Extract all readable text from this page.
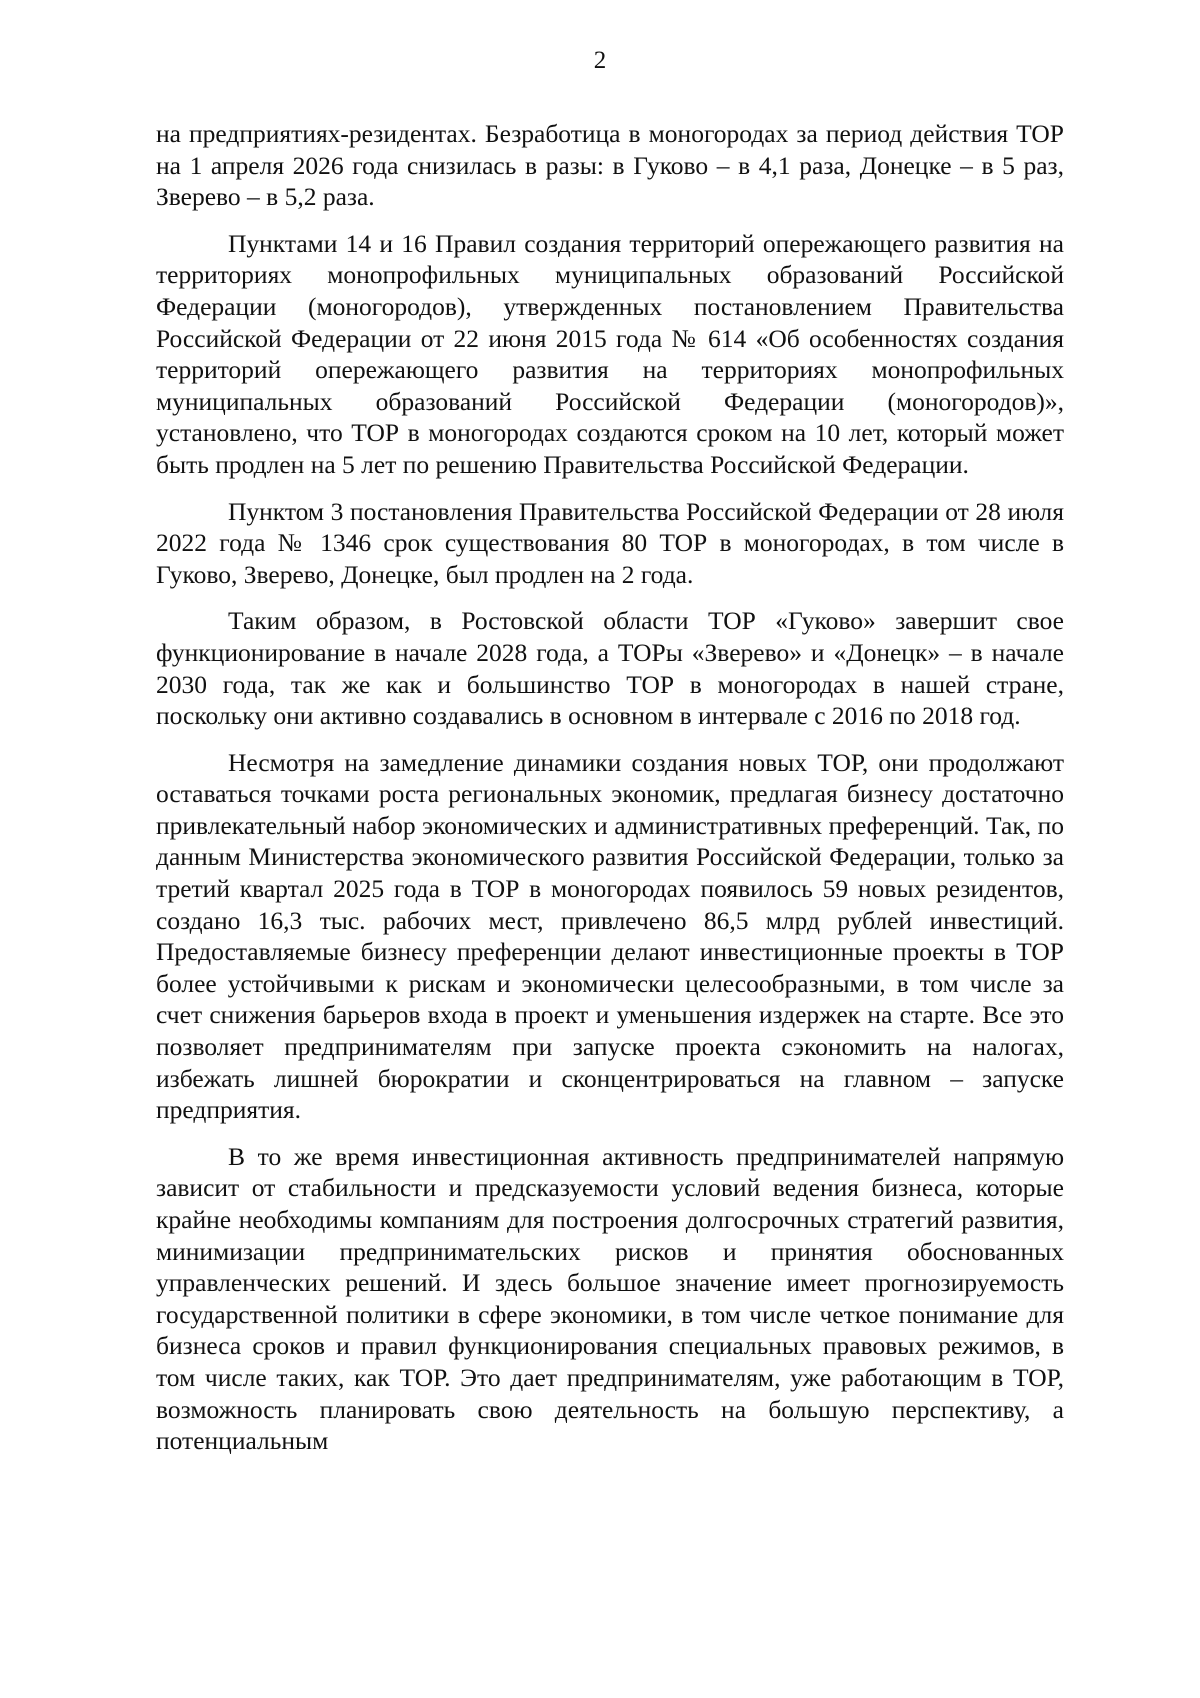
2

на предприятиях-резидентах. Безработица в моногородах за период действия ТОР на 1 апреля 2026 года снизилась в разы: в Гуково – в 4,1 раза, Донецке – в 5 раз, Зверево – в 5,2 раза.

Пунктами 14 и 16 Правил создания территорий опережающего развития на территориях монопрофильных муниципальных образований Российской Федерации (моногородов), утвержденных постановлением Правительства Российской Федерации от 22 июня 2015 года № 614 «Об особенностях создания территорий опережающего развития на территориях монопрофильных муниципальных образований Российской Федерации (моногородов)», установлено, что ТОР в моногородах создаются сроком на 10 лет, который может быть продлен на 5 лет по решению Правительства Российской Федерации.

Пунктом 3 постановления Правительства Российской Федерации от 28 июля 2022 года № 1346 срок существования 80 ТОР в моногородах, в том числе в Гуково, Зверево, Донецке, был продлен на 2 года.

Таким образом, в Ростовской области ТОР «Гуково» завершит свое функционирование в начале 2028 года, а ТОРы «Зверево» и «Донецк» – в начале 2030 года, так же как и большинство ТОР в моногородах в нашей стране, поскольку они активно создавались в основном в интервале с 2016 по 2018 год.

Несмотря на замедление динамики создания новых ТОР, они продолжают оставаться точками роста региональных экономик, предлагая бизнесу достаточно привлекательный набор экономических и административных преференций. Так, по данным Министерства экономического развития Российской Федерации, только за третий квартал 2025 года в ТОР в моногородах появилось 59 новых резидентов, создано 16,3 тыс. рабочих мест, привлечено 86,5 млрд рублей инвестиций. Предоставляемые бизнесу преференции делают инвестиционные проекты в ТОР более устойчивыми к рискам и экономически целесообразными, в том числе за счет снижения барьеров входа в проект и уменьшения издержек на старте. Все это позволяет предпринимателям при запуске проекта сэкономить на налогах, избежать лишней бюрократии и сконцентрироваться на главном – запуске предприятия.

В то же время инвестиционная активность предпринимателей напрямую зависит от стабильности и предсказуемости условий ведения бизнеса, которые крайне необходимы компаниям для построения долгосрочных стратегий развития, минимизации предпринимательских рисков и принятия обоснованных управленческих решений. И здесь большое значение имеет прогнозируемость государственной политики в сфере экономики, в том числе четкое понимание для бизнеса сроков и правил функционирования специальных правовых режимов, в том числе таких, как ТОР. Это дает предпринимателям, уже работающим в ТОР, возможность планировать свою деятельность на большую перспективу, а потенциальным
